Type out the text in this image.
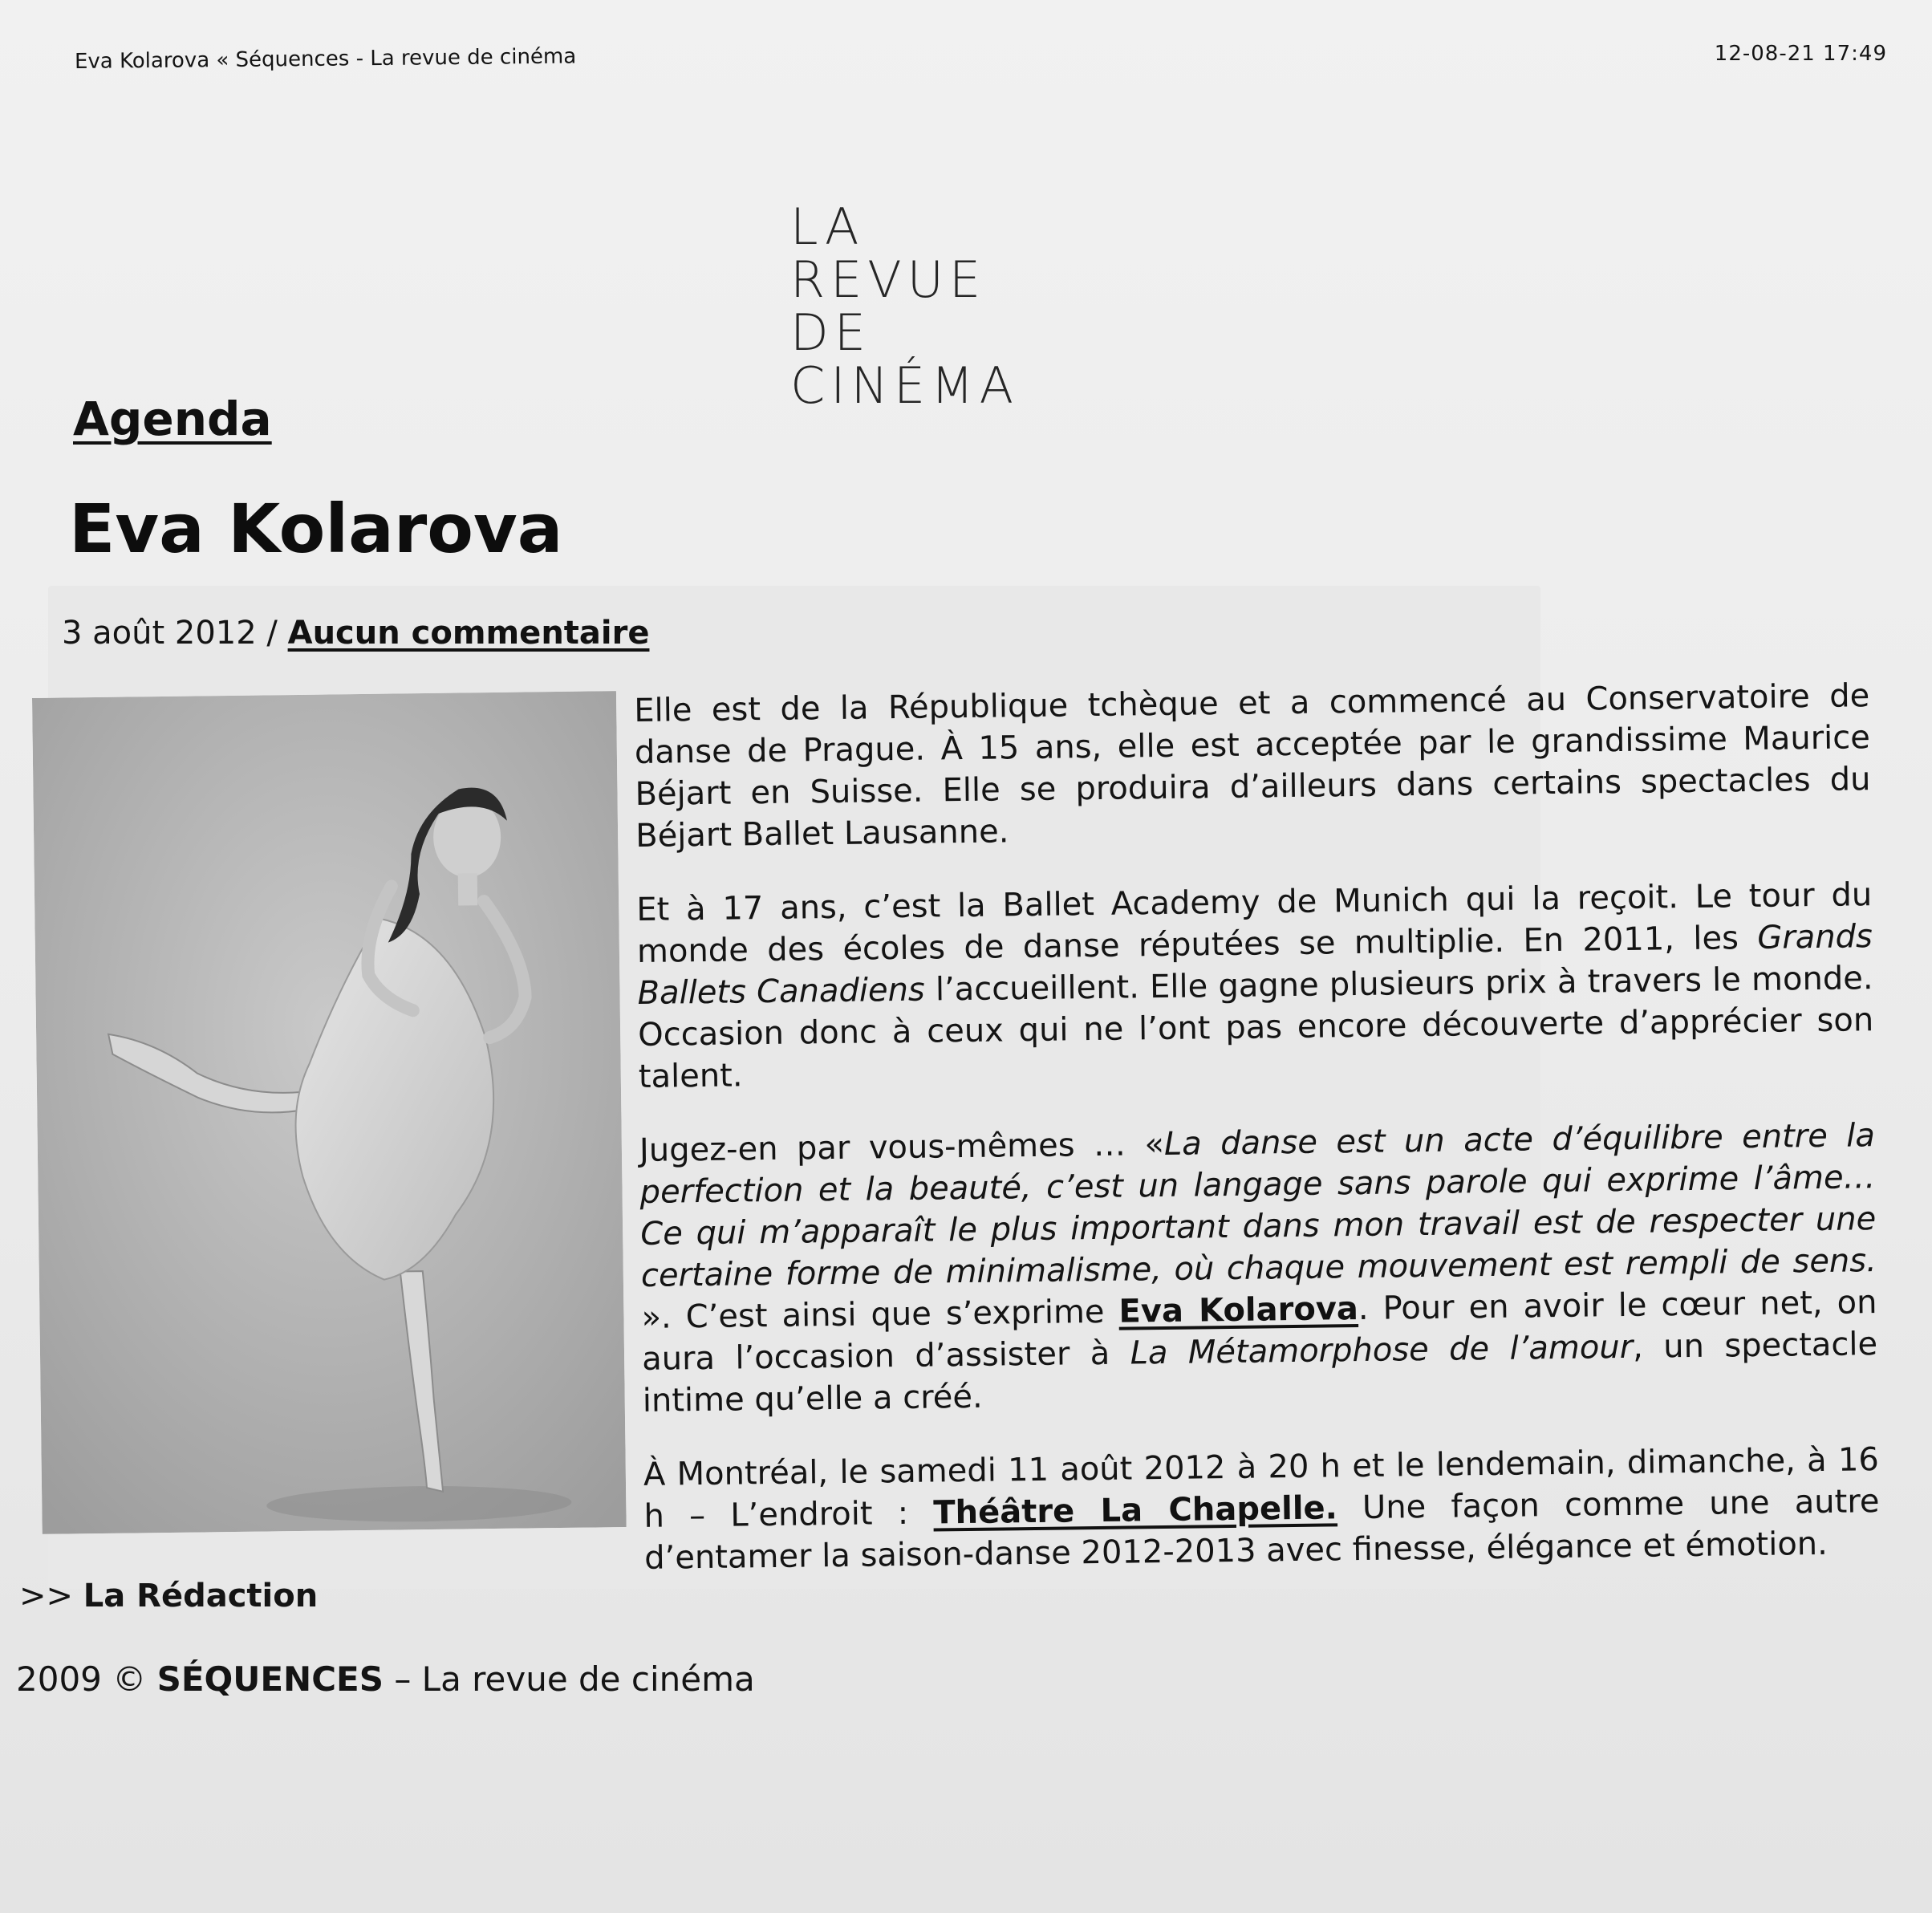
Eva Kolarova « Séquences - La revue de cinéma	12-08-21 17:49
LA REVUE
DE CINÉMA
Agenda
Eva Kolarova
3 août 2012 / Aucun commentaire

Elle est de la République tchèque et a commencé au Conservatoire de danse de Prague. À 15 ans, elle est acceptée par le grandissime Maurice Béjart en Suisse. Elle se produira d’ailleurs dans certains spectacles du Béjart Ballet Lausanne.

Et à 17 ans, c’est la Ballet Academy de Munich qui la reçoit. Le tour du monde des écoles de danse réputées se multiplie. En 2011, les Grands Ballets Canadiens l’accueillent. Elle gagne plusieurs prix à travers le monde. Occasion donc à ceux qui ne l’ont pas encore découverte d’apprécier son talent.

Jugez-en par vous-mêmes … «La danse est un acte d’équilibre entre la perfection et la beauté, c’est un langage sans parole qui exprime l’âme… Ce qui m’apparaît le plus important dans mon travail est de respecter une certaine forme de minimalisme, où chaque mouvement est rempli de sens. ». C’est ainsi que s’exprime Eva Kolarova. Pour en avoir le cœur net, on aura l’occasion d’assister à La Métamorphose de l’amour, un spectacle intime qu’elle a créé.

À Montréal, le samedi 11 août 2012 à 20 h et le lendemain, dimanche, à 16 h – L’endroit : Théâtre La Chapelle. Une façon comme une autre d’entamer la saison-danse 2012-2013 avec finesse, élégance et émotion.

>> La Rédaction
2009 © SÉQUENCES – La revue de cinéma
